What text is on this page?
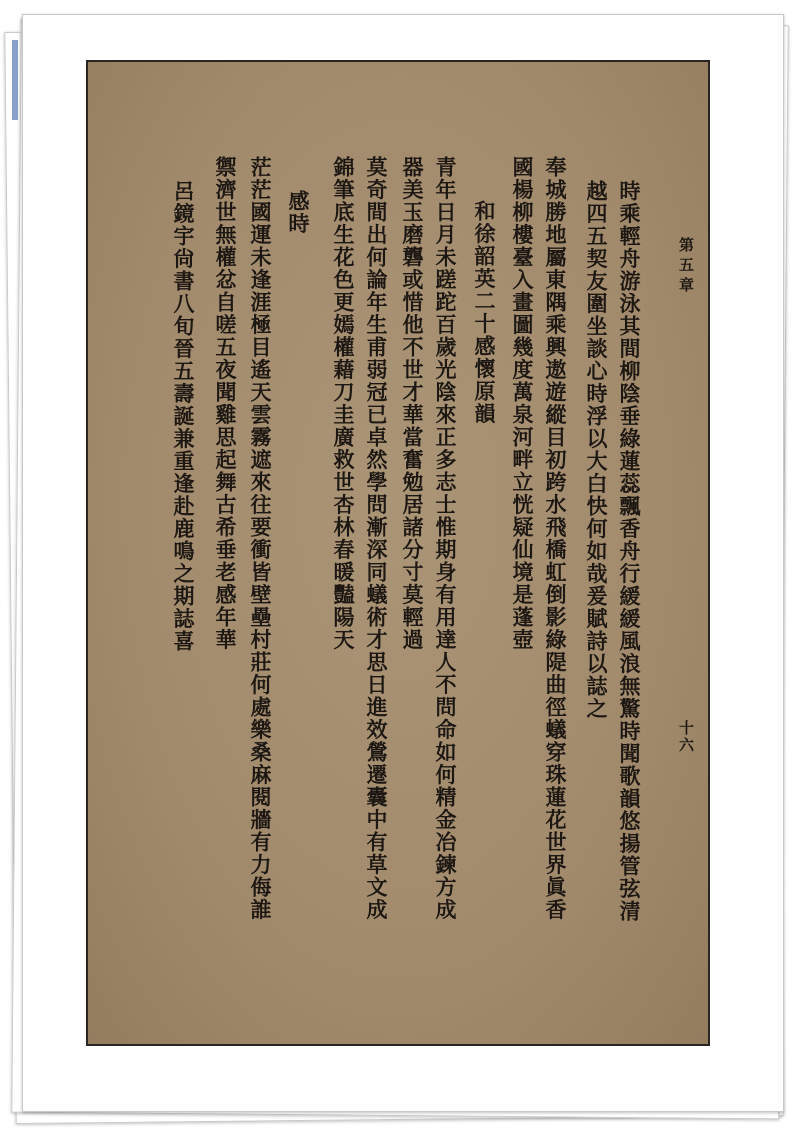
第五章
十六
時乘輕舟游泳其間柳陰垂綠蓮蕊飄香舟行緩緩風浪無驚時聞歌韻悠揚管弦清
越四五契友圍坐談心時浮以大白快何如哉爰賦詩以誌之
奉城勝地屬東隅乘興遨遊縱目初跨水飛橋虹倒影綠隄曲徑蟻穿珠蓮花世界眞香
國楊柳樓臺入畫圖幾度萬泉河畔立恍疑仙境是蓬壺
和徐韶英二十感懷原韻
青年日月未蹉跎百歲光陰來正多志士惟期身有用達人不問命如何精金冶鍊方成
器美玉磨礱或惜他不世才華當奮勉居諸分寸莫輕過
莫奇間出何論年生甫弱冠已卓然學問漸深同蟻術才思日進效鶯遷囊中有草文成
錦筆底生花色更嫣權藉刀圭廣救世杏林春暖豔陽天
感時
茫茫國運未逢涯極目遙天雲霧遮來往要衝皆壁壘村莊何處樂桑麻閱牆有力侮誰
禦濟世無權忿自嗟五夜聞雞思起舞古希垂老感年華
呂鏡宇尙書八旬晉五壽誕兼重逢赴鹿鳴之期誌喜
